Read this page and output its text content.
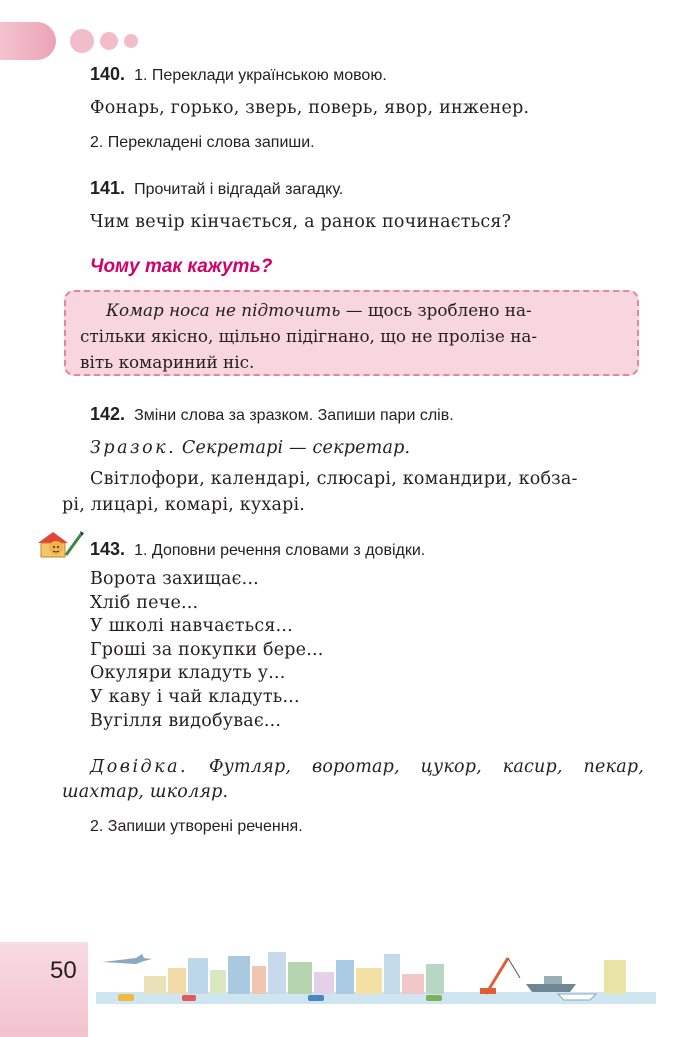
140. 1. Переклади українською мовою.
Фонарь, горько, зверь, поверь, явор, инженер.
2. Перекладені слова запиши.
141. Прочитай і відгадай загадку.
Чим вечір кінчається, а ранок починається?
Чому так кажуть?

Комар носа не підточить — щось зроблено на-

стільки якісно, щільно підігнано, що не пролізе на-
віть комариний ніс.
142. Зміни слова за зразком. Запиши пари слів.
Зразок. Секретарі — секретар.
Світлофори, календарі, слюсарі, командири, кобза-
рі, лицарі, комарі, кухарі.
143. 1. Доповни речення словами з довідки.
Ворота захищає...
Хліб пече...
У школі навчається...
Гроші за покупки бере...
Окуляри кладуть у...
У каву і чай кладуть...
Вугілля видобуває...

Довідка. Футляр, воротар, цукор, касир, пекар, шахтар, школяр.

2. Запиши утворені речення.
50
